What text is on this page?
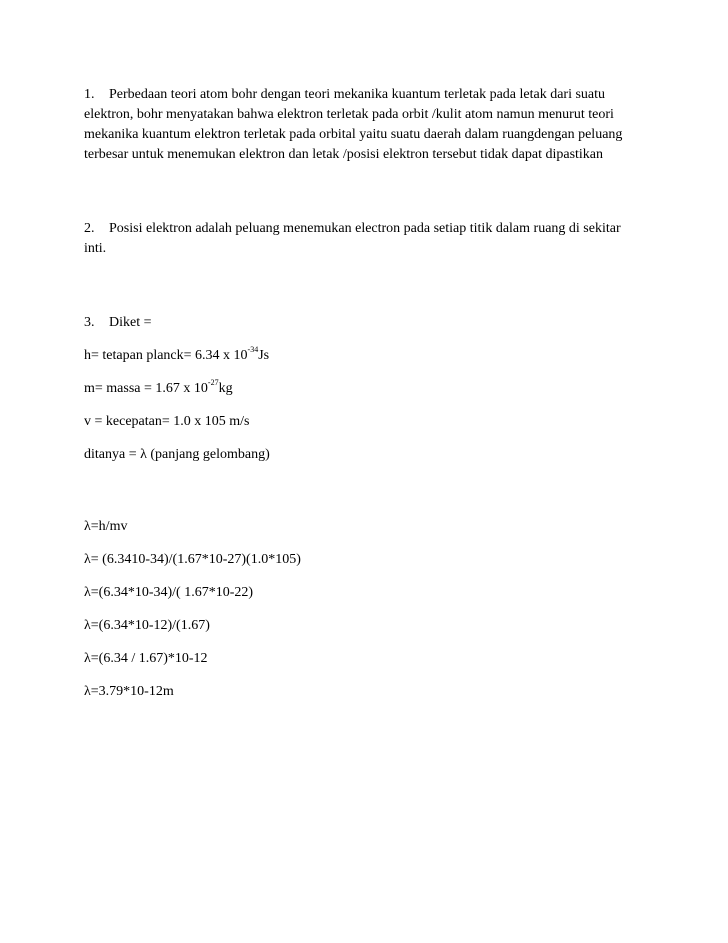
1. Perbedaan teori atom bohr dengan teori mekanika kuantum terletak pada letak dari suatu elektron, bohr menyatakan bahwa elektron terletak pada orbit /kulit atom namun menurut teori mekanika kuantum elektron terletak pada orbital yaitu suatu daerah dalam ruangdengan peluang terbesar untuk menemukan elektron dan letak /posisi elektron tersebut tidak dapat dipastikan

2. Posisi elektron adalah peluang menemukan electron pada setiap titik dalam ruang di sekitar inti.

3. Diket =

h= tetapan planck= 6.34 x $10^{-34}Js$

m= massa = 1.67 x $10^{-27}kg$

v = kecepatan= 1.0 x 105 m/s

ditanya = λ (panjang gelombang)

λ=h/mv

λ= (6.3410-34)/(1.67*10-27)(1.0*105)

λ=(6.34*10-34)/( 1.67*10-22)

λ=(6.34*10-12)/(1.67)

λ=(6.34 / 1.67)*10-12

λ=3.79*10-12m
